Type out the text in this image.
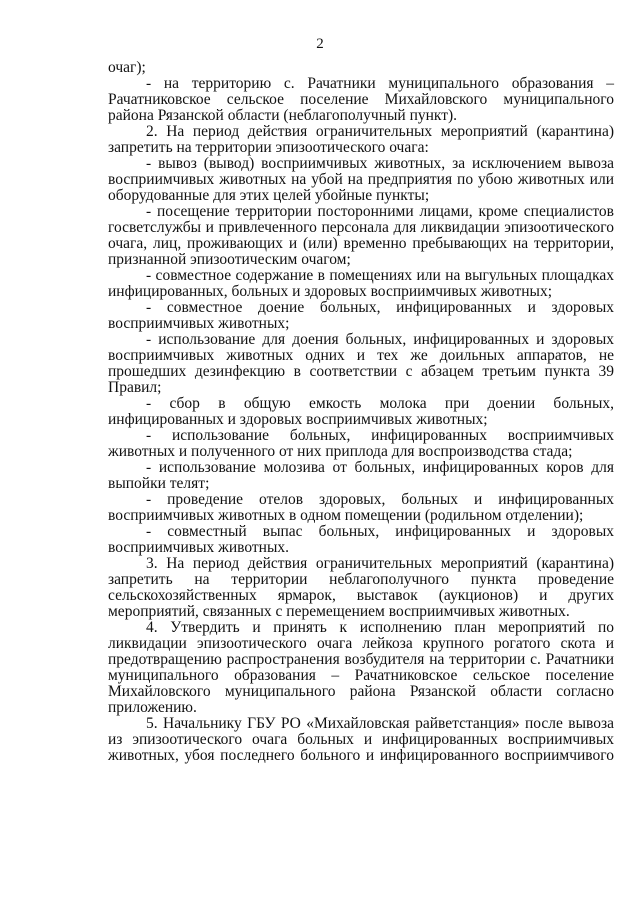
2

очаг);

- на территорию с. Рачатники муниципального образования – Рачатниковское сельское поселение Михайловского муниципального района Рязанской области (неблагополучный пункт).

2. На период действия ограничительных мероприятий (карантина) запретить на территории эпизоотического очага:

- вывоз (вывод) восприимчивых животных, за исключением вывоза восприимчивых животных на убой на предприятия по убою животных или оборудованные для этих целей убойные пункты;

- посещение территории посторонними лицами, кроме специалистов госветслужбы и привлеченного персонала для ликвидации эпизоотического очага, лиц, проживающих и (или) временно пребывающих на территории, признанной эпизоотическим очагом;

- совместное содержание в помещениях или на выгульных площадках инфицированных, больных и здоровых восприимчивых животных;

- совместное доение больных, инфицированных и здоровых восприимчивых животных;

- использование для доения больных, инфицированных и здоровых восприимчивых животных одних и тех же доильных аппаратов, не прошедших дезинфекцию в соответствии с абзацем третьим пункта 39 Правил;

- сбор в общую емкость молока при доении больных, инфицированных и здоровых восприимчивых животных;

- использование больных, инфицированных восприимчивых животных и полученного от них приплода для воспроизводства стада;

- использование молозива от больных, инфицированных коров для выпойки телят;

- проведение отелов здоровых, больных и инфицированных восприимчивых животных в одном помещении (родильном отделении);

- совместный выпас больных, инфицированных и здоровых восприимчивых животных.

3. На период действия ограничительных мероприятий (карантина) запретить на территории неблагополучного пункта проведение сельскохозяйственных ярмарок, выставок (аукционов) и других мероприятий, связанных с перемещением восприимчивых животных.

4. Утвердить и принять к исполнению план мероприятий по ликвидации эпизоотического очага лейкоза крупного рогатого скота и предотвращению распространения возбудителя на территории с. Рачатники муниципального образования – Рачатниковское сельское поселение Михайловского муниципального района Рязанской области согласно приложению.

5. Начальнику ГБУ РО «Михайловская райветстанция» после вывоза из эпизоотического очага больных и инфицированных восприимчивых животных, убоя последнего больного и инфицированного восприимчивого
